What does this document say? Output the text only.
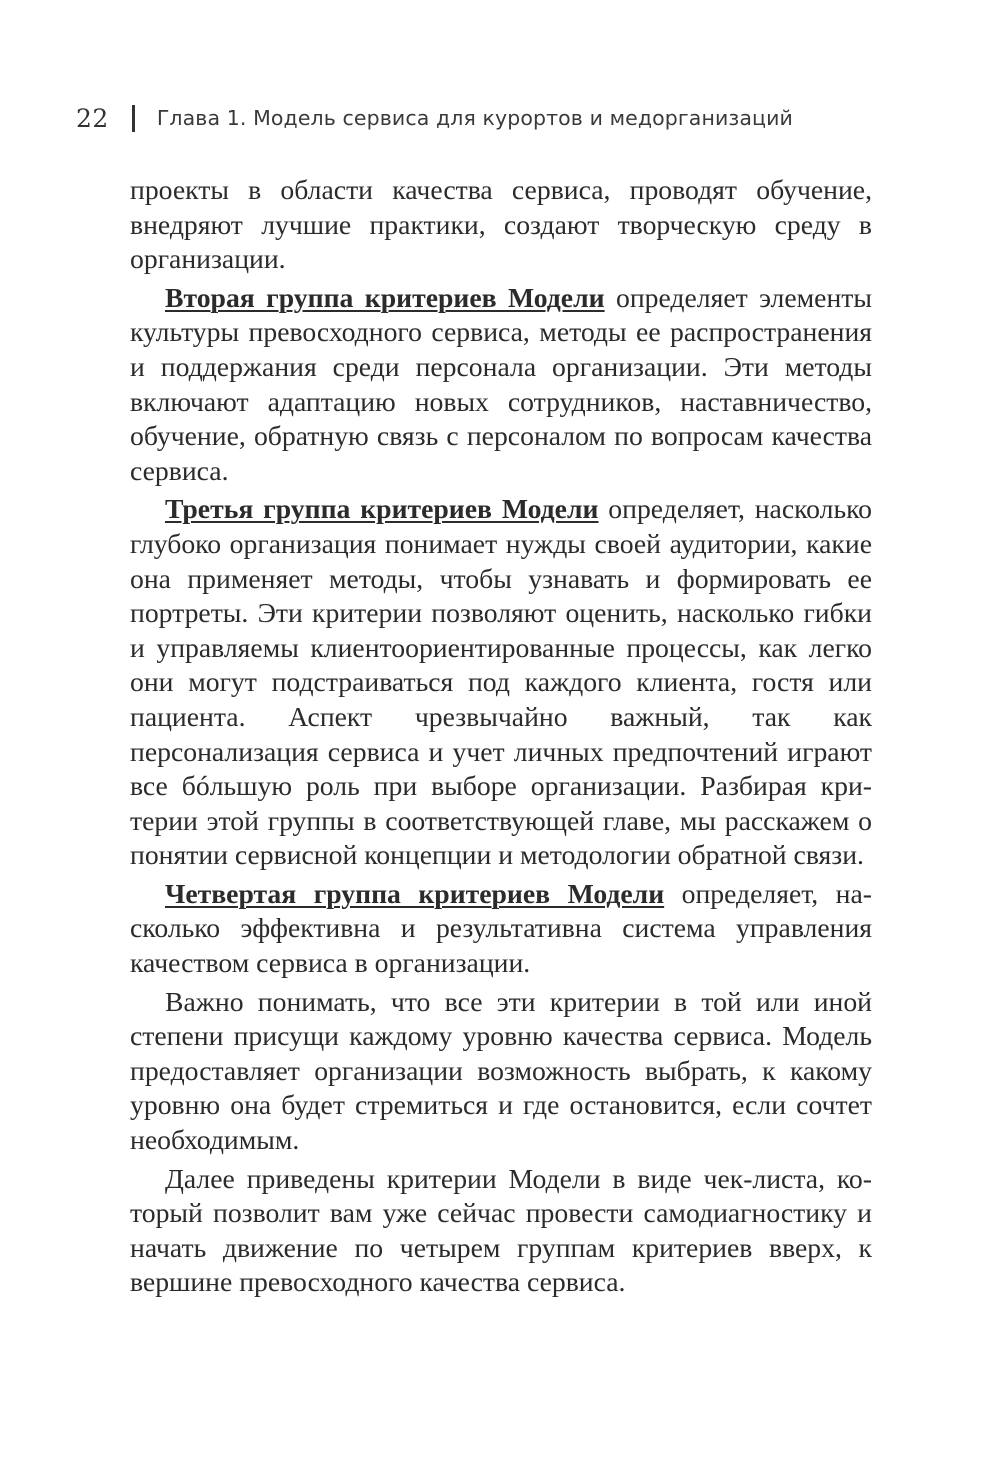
22 Глава 1. Модель сервиса для курортов и медорганизаций

проекты в области качества сервиса, проводят обучение, внедряют лучшие практики, создают творческую среду в организации.

Вторая группа критериев Модели определяет элементы культуры превосходного сервиса, методы ее распространения и поддержания среди персонала организации. Эти методы включают адаптацию новых сотрудников, наставничество, обучение, обратную связь с персоналом по вопросам качества сервиса.

Третья группа критериев Модели определяет, насколько глубоко организация понимает нужды своей аудитории, какие она применяет методы, чтобы узнавать и формировать ее портреты. Эти критерии позволяют оценить, насколько гибки и управляемы клиентоориентированные процессы, как легко они могут подстраиваться под каждого клиента, гостя или пациента. Аспект чрезвычайно важный, так как персонализация сервиса и учет личных предпочтений играют все бóльшую роль при выборе организации. Разбирая критерии этой группы в соответствующей главе, мы расскажем о понятии сервисной концепции и методологии обратной связи.

Четвертая группа критериев Модели определяет, насколько эффективна и результативна система управления качеством сервиса в организации.

Важно понимать, что все эти критерии в той или иной степени присущи каждому уровню качества сервиса. Модель предоставляет организации возможность выбрать, к какому уровню она будет стремиться и где остановится, если сочтет необходимым.

Далее приведены критерии Модели в виде чек-листа, который позволит вам уже сейчас провести самодиагностику и начать движение по четырем группам критериев вверх, к вершине превосходного качества сервиса.
